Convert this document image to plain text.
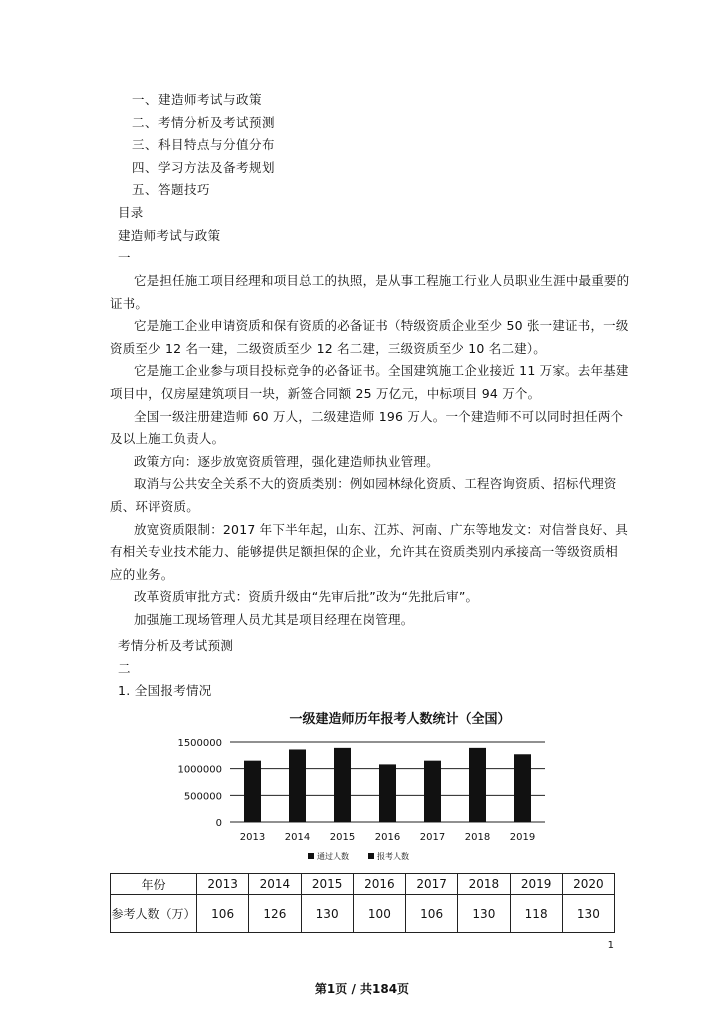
一、建造师考试与政策
二、考情分析及考试预测
三、科目特点与分值分布
四、学习方法及备考规划
五、答题技巧
目录
建造师考试与政策
一
它是担任施工项目经理和项目总工的执照，是从事工程施工行业人员职业生涯中最重要的证书。
它是施工企业申请资质和保有资质的必备证书（特级资质企业至少 50 张一建证书，一级资质至少 12 名一建，二级资质至少 12 名二建，三级资质至少 10 名二建）。
它是施工企业参与项目投标竞争的必备证书。全国建筑施工企业接近 11 万家。去年基建项目中，仅房屋建筑项目一块，新签合同额 25 万亿元，中标项目 94 万个。
全国一级注册建造师 60 万人，二级建造师 196 万人。一个建造师不可以同时担任两个及以上施工负责人。
政策方向：逐步放宽资质管理，强化建造师执业管理。
取消与公共安全关系不大的资质类别：例如园林绿化资质、工程咨询资质、招标代理资质、环评资质。
放宽资质限制：2017 年下半年起，山东、江苏、河南、广东等地发文：对信誉良好、具有相关专业技术能力、能够提供足额担保的企业，允许其在资质类别内承接高一等级资质相应的业务。
改革资质审批方式：资质升级由“先审后批”改为“先批后审”。
加强施工现场管理人员尤其是项目经理在岗管理。
考情分析及考试预测
二
1. 全国报考情况
一级建造师历年报考人数统计（全国）
0
500000
1000000
1500000
2013 2014 2015 2016 2017 2018 2019
通过人数	报考人数
年份	2013	2014	2015	2016	2017	2018	2019	2020
参考人数（万）	106	126	130	100	106	130	118	130
1
第1页 / 共184页
